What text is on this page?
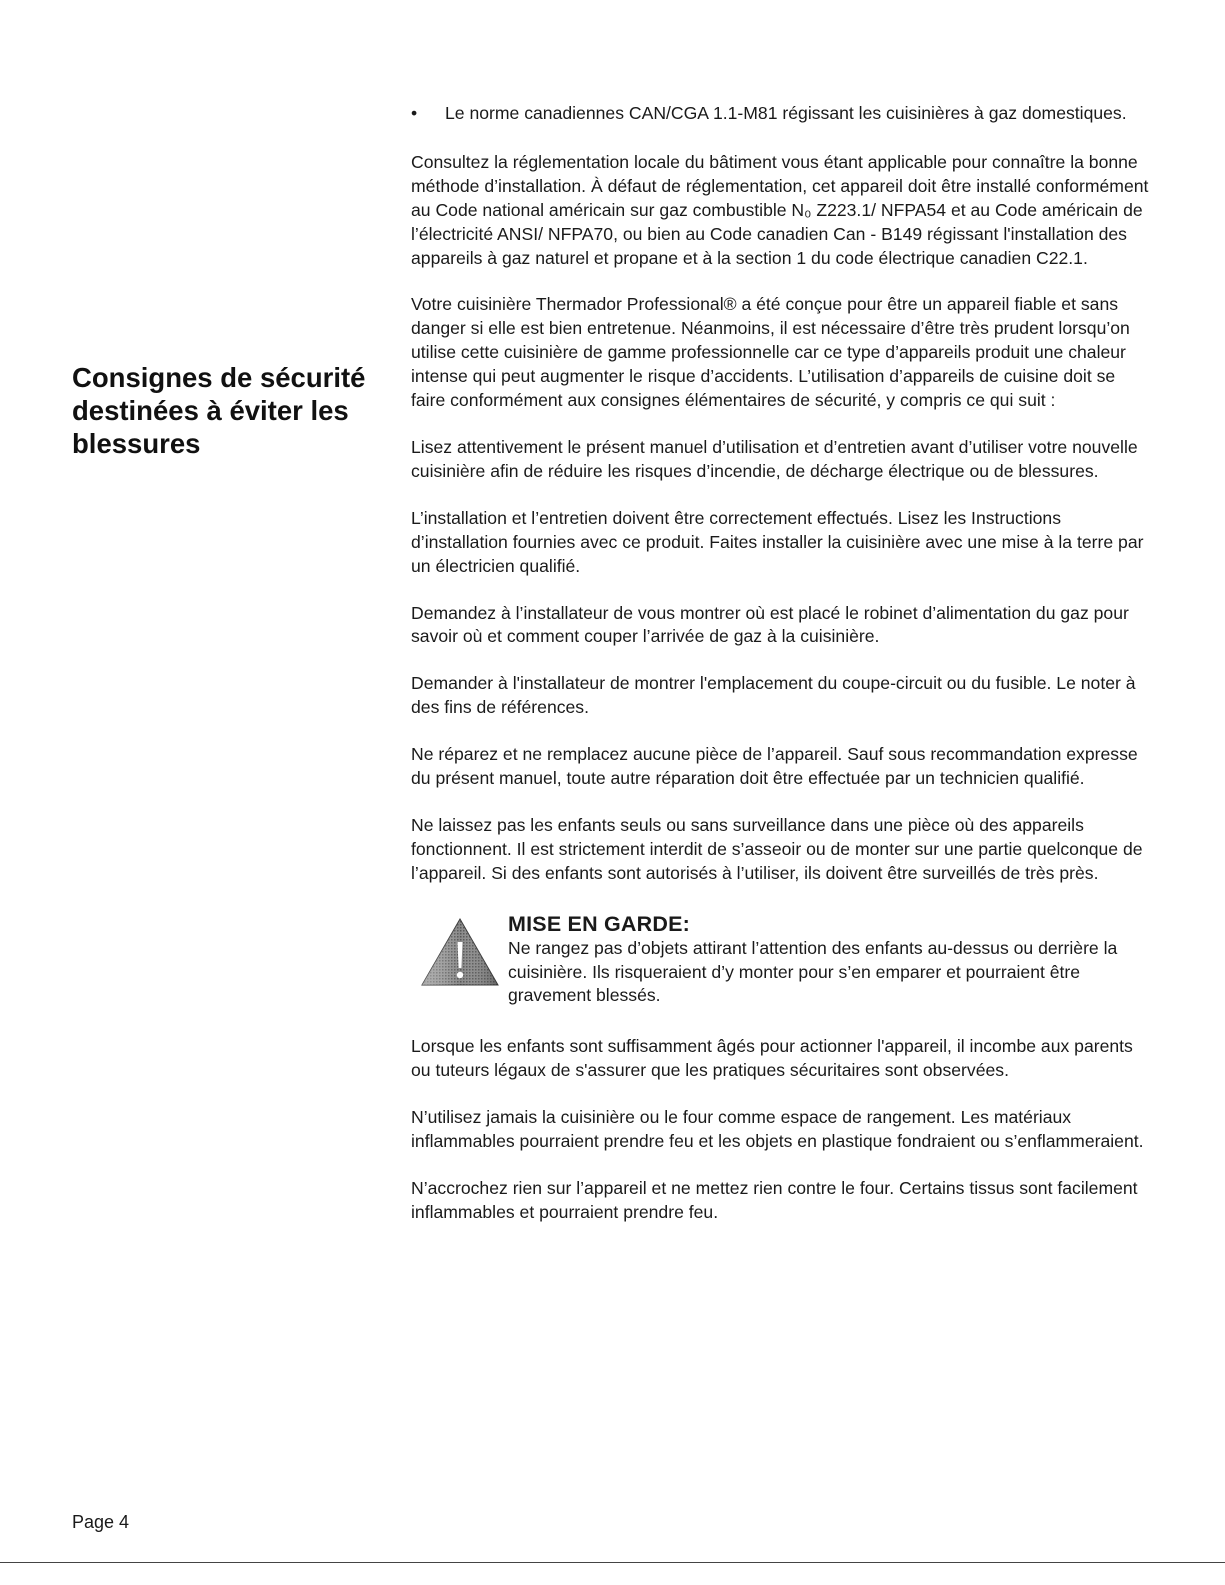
Consignes de sécurité destinées à éviter les blessures
• Le norme canadiennes CAN/CGA 1.1-M81 régissant les cuisinières à gaz domestiques.

Consultez la réglementation locale du bâtiment vous étant applicable pour connaître la bonne méthode d’installation. À défaut de réglementation, cet appareil doit être installé conformément au Code national américain sur gaz combustible N₀ Z223.1/ NFPA54 et au Code américain de l’électricité ANSI/ NFPA70, ou bien au Code canadien Can - B149 régissant l'installation des appareils à gaz naturel et propane et à la section 1 du code électrique canadien C22.1.

Votre cuisinière Thermador Professional® a été conçue pour être un appareil fiable et sans danger si elle est bien entretenue. Néanmoins, il est nécessaire d’être très prudent lorsqu’on utilise cette cuisinière de gamme professionnelle car ce type d’appareils produit une chaleur intense qui peut augmenter le risque d’accidents. L’utilisation d’appareils de cuisine doit se faire conformément aux consignes élémentaires de sécurité, y compris ce qui suit :

Lisez attentivement le présent manuel d’utilisation et d’entretien avant d’utiliser votre nouvelle cuisinière afin de réduire les risques d’incendie, de décharge électrique ou de blessures.

L’installation et l’entretien doivent être correctement effectués. Lisez les Instructions d’installation fournies avec ce produit. Faites installer la cuisinière avec une mise à la terre par un électricien qualifié.

Demandez à l’installateur de vous montrer où est placé le robinet d’alimentation du gaz pour savoir où et comment couper l’arrivée de gaz à la cuisinière.

Demander à l'installateur de montrer l'emplacement du coupe-circuit ou du fusible. Le noter à des fins de références.

Ne réparez et ne remplacez aucune pièce de l’appareil. Sauf sous recommandation expresse du présent manuel, toute autre réparation doit être effectuée par un technicien qualifié.

Ne laissez pas les enfants seuls ou sans surveillance dans une pièce où des appareils fonctionnent. Il est strictement interdit de s’asseoir ou de monter sur une partie quelconque de l’appareil. Si des enfants sont autorisés à l’utiliser, ils doivent être surveillés de très près.

MISE EN GARDE:
Ne rangez pas d’objets attirant l’attention des enfants au-dessus ou derrière la cuisinière. Ils risqueraient d’y monter pour s’en emparer et pourraient être gravement blessés.

Lorsque les enfants sont suffisamment âgés pour actionner l'appareil, il incombe aux parents ou tuteurs légaux de s'assurer que les pratiques sécuritaires sont observées.

N’utilisez jamais la cuisinière ou le four comme espace de rangement. Les matériaux inflammables pourraient prendre feu et les objets en plastique fondraient ou s’enflammeraient.

N’accrochez rien sur l’appareil et ne mettez rien contre le four. Certains tissus sont facilement inflammables et pourraient prendre feu.

Page 4
